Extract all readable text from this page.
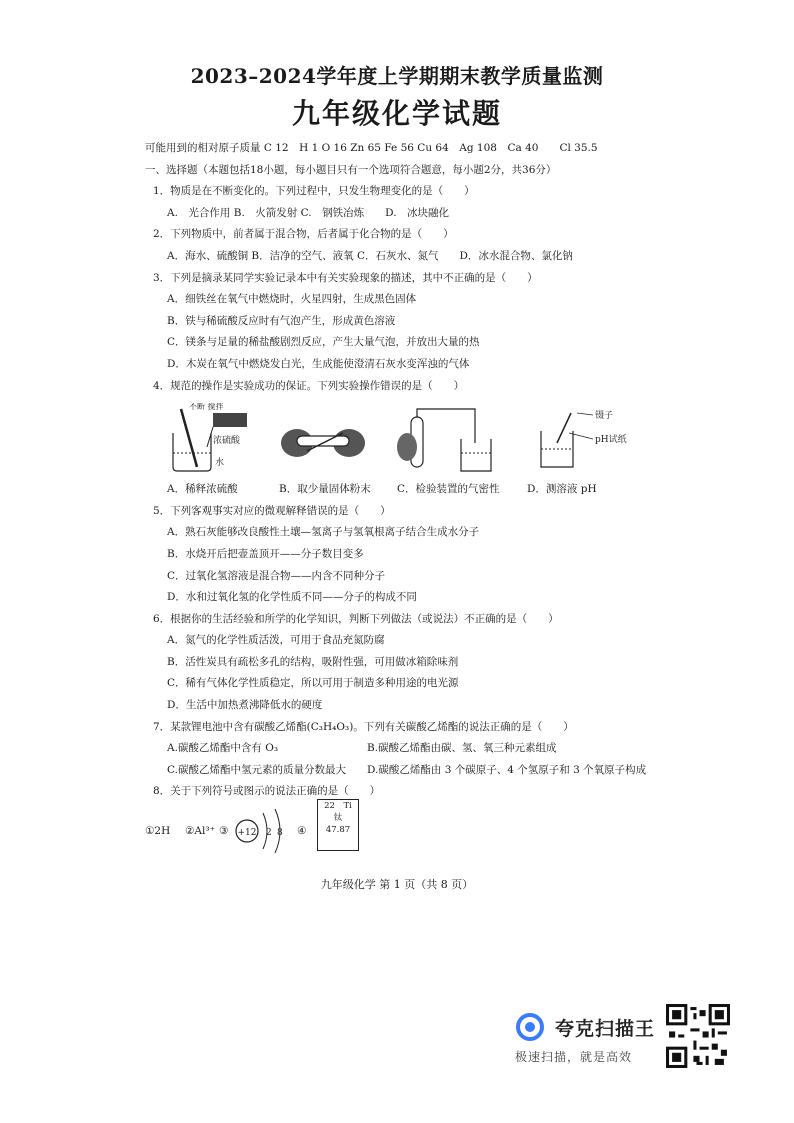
2023–2024学年度上学期期末教学质量监测
九年级化学试题
可能用到的相对原子质量 C 12　H 1 O 16 Zn 65 Fe 56 Cu 64　Ag 108　Ca 40　　Cl 35.5
一、选择题（本题包括18小题，每小题目只有一个选项符合题意，每小题2分，共36分）
1．物质是在不断变化的。下列过程中，只发生物理变化的是（　　）
A.　光合作用 B.　火箭发射 C.　钢铁冶炼　　D.　冰块融化
2．下列物质中，前者属于混合物，后者属于化合物的是（　　）
A．海水、硫酸铜 B．洁净的空气、液氧 C．石灰水、氮气　　D．冰水混合物、氯化钠
3．下列是摘录某同学实验记录本中有关实验现象的描述，其中不正确的是（　　）
A．细铁丝在氧气中燃烧时，火星四射，生成黑色固体
B．铁与稀硫酸反应时有气泡产生，形成黄色溶液
C．镁条与足量的稀盐酸剧烈反应，产生大量气泡，并放出大量的热
D．木炭在氧气中燃烧发白光，生成能使澄清石灰水变浑浊的气体
4．规范的操作是实验成功的保证。下列实验操作错误的是（　　）
不断 搅拌
浓硫酸
水
镊子
pH试纸
A．稀释浓硫酸	B．取少量固体粉末	C．检验装置的气密性	D．测溶液 pH
5．下列客观事实对应的微观解释错误的是（　　）
A．熟石灰能够改良酸性土壤—氢离子与氢氧根离子结合生成水分子
B．水烧开后把壶盖顶开——分子数目变多
C．过氧化氢溶液是混合物——内含不同种分子
D．水和过氧化氢的化学性质不同——分子的构成不同
6．根据你的生活经验和所学的化学知识，判断下列做法（或说法）不正确的是（　　）
A．氮气的化学性质活泼，可用于食品充氮防腐
B．活性炭具有疏松多孔的结构，吸附性强，可用做冰箱除味剂
C．稀有气体化学性质稳定，所以可用于制造多种用途的电光源
D．生活中加热煮沸降低水的硬度
7．某款锂电池中含有碳酸乙烯酯(C₃H₄O₃)。下列有关碳酸乙烯酯的说法正确的是（　　）
A.碳酸乙烯酯中含有 O₃	B.碳酸乙烯酯由碳、氢、氧三种元素组成
C.碳酸乙烯酯中氢元素的质量分数最大	D.碳酸乙烯酯由 3 个碳原子、4 个氢原子和 3 个氧原子构成
8．关于下列符号或图示的说法正确的是（　　）
①2H ②Al³⁺ ③ +12 2 8 ④
22　 Ti
钛
47.87
九年级化学 第 1 页（共 8 页）
夸克扫描王
极速扫描，就是高效
